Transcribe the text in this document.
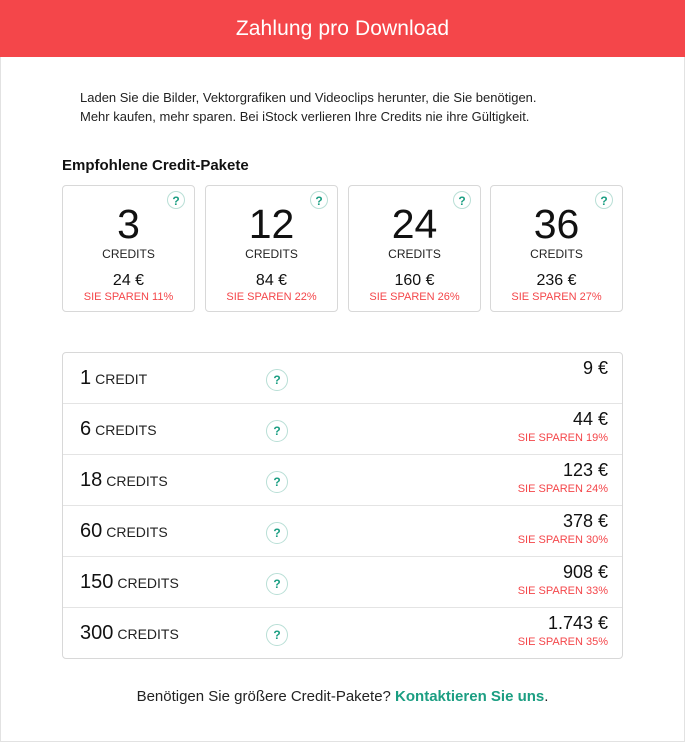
Zahlung pro Download

Laden Sie die Bilder, Vektorgrafiken und Videoclips herunter, die Sie benötigen.

Mehr kaufen, mehr sparen. Bei iStock verlieren Ihre Credits nie ihre Gültigkeit.

Empfohlene Credit-Pakete
?
3
CREDITS
24 €
SIE SPAREN 11%
?
12
CREDITS
84 €
SIE SPAREN 22%
?
24
CREDITS
160 €
SIE SPAREN 26%
?
36
CREDITS
236 €
SIE SPAREN 27%
1 CREDIT	?
9 €
6 CREDITS	?
44 €
SIE SPAREN 19%
18 CREDITS	?
123 €
SIE SPAREN 24%
60 CREDITS	?
378 €
SIE SPAREN 30%
150 CREDITS	?
908 €
SIE SPAREN 33%
300 CREDITS	?
1.743 €
SIE SPAREN 35%
Benötigen Sie größere Credit-Pakete? Kontaktieren Sie uns.
